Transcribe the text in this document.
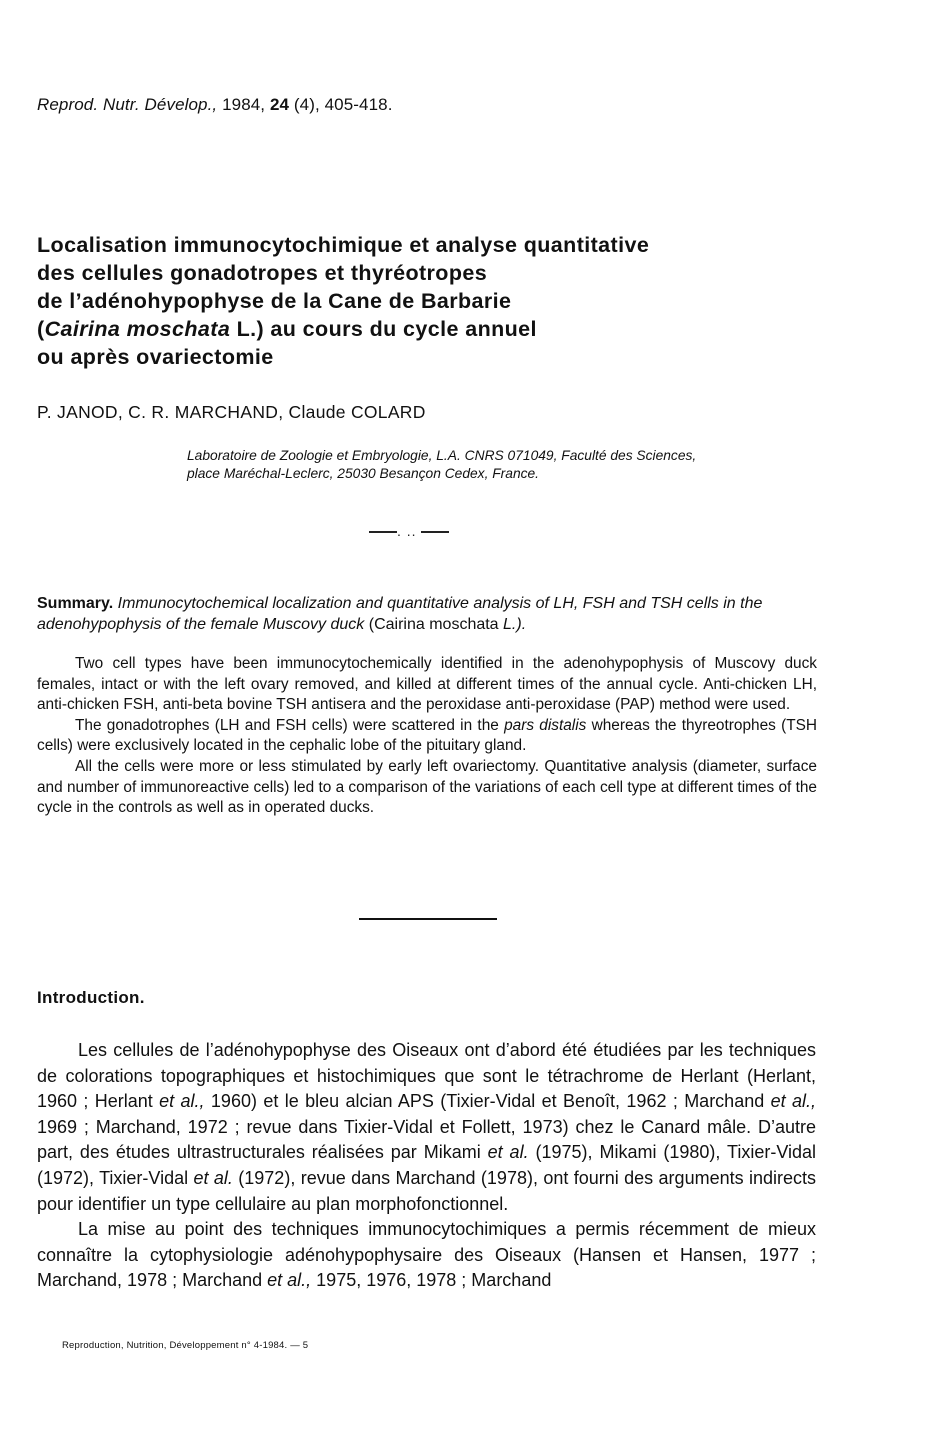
Reprod. Nutr. Dévelop., 1984, 24 (4), 405-418.
Localisation immunocytochimique et analyse quantitative
des cellules gonadotropes et thyréotropes
de l’adénohypophyse de la Cane de Barbarie
(Cairina moschata L.) au cours du cycle annuel
ou après ovariectomie
P. JANOD, C. R. MARCHAND, Claude COLARD
Laboratoire de Zoologie et Embryologie, L.A. CNRS 071049, Faculté des Sciences,
place Maréchal-Leclerc, 25030 Besançon Cedex, France.
. ..
Summary. Immunocytochemical localization and quantitative analysis of LH, FSH and TSH cells in the adenohypophysis of the female Muscovy duck (Cairina moschata L.).

Two cell types have been immunocytochemically identified in the adenohypophysis of Muscovy duck females, intact or with the left ovary removed, and killed at different times of the annual cycle. Anti-chicken LH, anti-chicken FSH, anti-beta bovine TSH antisera and the peroxidase anti-peroxidase (PAP) method were used.

The gonadotrophes (LH and FSH cells) were scattered in the pars distalis whereas the thyreotrophes (TSH cells) were exclusively located in the cephalic lobe of the pituitary gland.

All the cells were more or less stimulated by early left ovariectomy. Quantitative analysis (diameter, surface and number of immunoreactive cells) led to a comparison of the variations of each cell type at different times of the cycle in the controls as well as in operated ducks.

Introduction.

Les cellules de l’adénohypophyse des Oiseaux ont d’abord été étudiées par les techniques de colorations topographiques et histochimiques que sont le tétrachrome de Herlant (Herlant, 1960 ; Herlant et al., 1960) et le bleu alcian APS (Tixier-Vidal et Benoît, 1962 ; Marchand et al., 1969 ; Marchand, 1972 ; revue dans Tixier-Vidal et Follett, 1973) chez le Canard mâle. D’autre part, des études ultrastructurales réalisées par Mikami et al. (1975), Mikami (1980), Tixier-Vidal (1972), Tixier-Vidal et al. (1972), revue dans Marchand (1978), ont fourni des arguments indirects pour identifier un type cellulaire au plan morphofonctionnel.

La mise au point des techniques immunocytochimiques a permis récemment de mieux connaître la cytophysiologie adénohypophysaire des Oiseaux (Hansen et Hansen, 1977 ; Marchand, 1978 ; Marchand et al., 1975, 1976, 1978 ; Marchand

Reproduction, Nutrition, Développement n° 4-1984. — 5
